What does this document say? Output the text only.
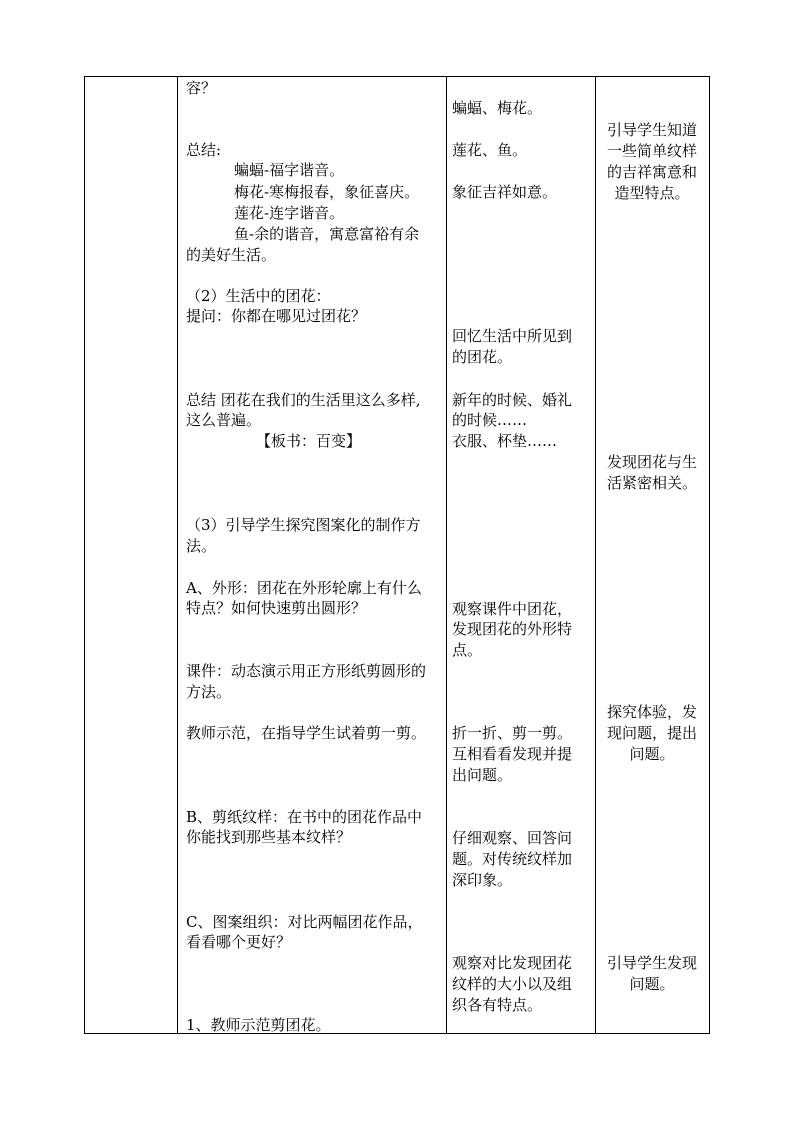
容？
总结:
蝙蝠-福字谐音。
梅花-寒梅报春，象征喜庆。
莲花-连字谐音。
鱼-余的谐音，寓意富裕有余
的美好生活。
（2）生活中的团花：
提问：你都在哪见过团花？
总结 团花在我们的生活里这么多样,
这么普遍。
【板书：百变】
（3）引导学生探究图案化的制作方
法。
A、外形：团花在外形轮廓上有什么
特点？如何快速剪出圆形？
课件：动态演示用正方形纸剪圆形的
方法。
教师示范，在指导学生试着剪一剪。
B、剪纸纹样：在书中的团花作品中
你能找到那些基本纹样？
C、图案组织：对比两幅团花作品，
看看哪个更好？
1、教师示范剪团花。
蝙蝠、梅花。
莲花、鱼。
象征吉祥如意。
回忆生活中所见到
的团花。
新年的时候、婚礼
的时候……
衣服、杯垫……
观察课件中团花，
发现团花的外形特
点。
折一折、剪一剪。
互相看看发现并提
出问题。
仔细观察、回答问
题。对传统纹样加
深印象。
观察对比发现团花
纹样的大小以及组
织各有特点。
引导学生知道
一些简单纹样
的吉祥寓意和
造型特点。
发现团花与生
活紧密相关。
探究体验，发
现问题，提出
问题。
引导学生发现
问题。
